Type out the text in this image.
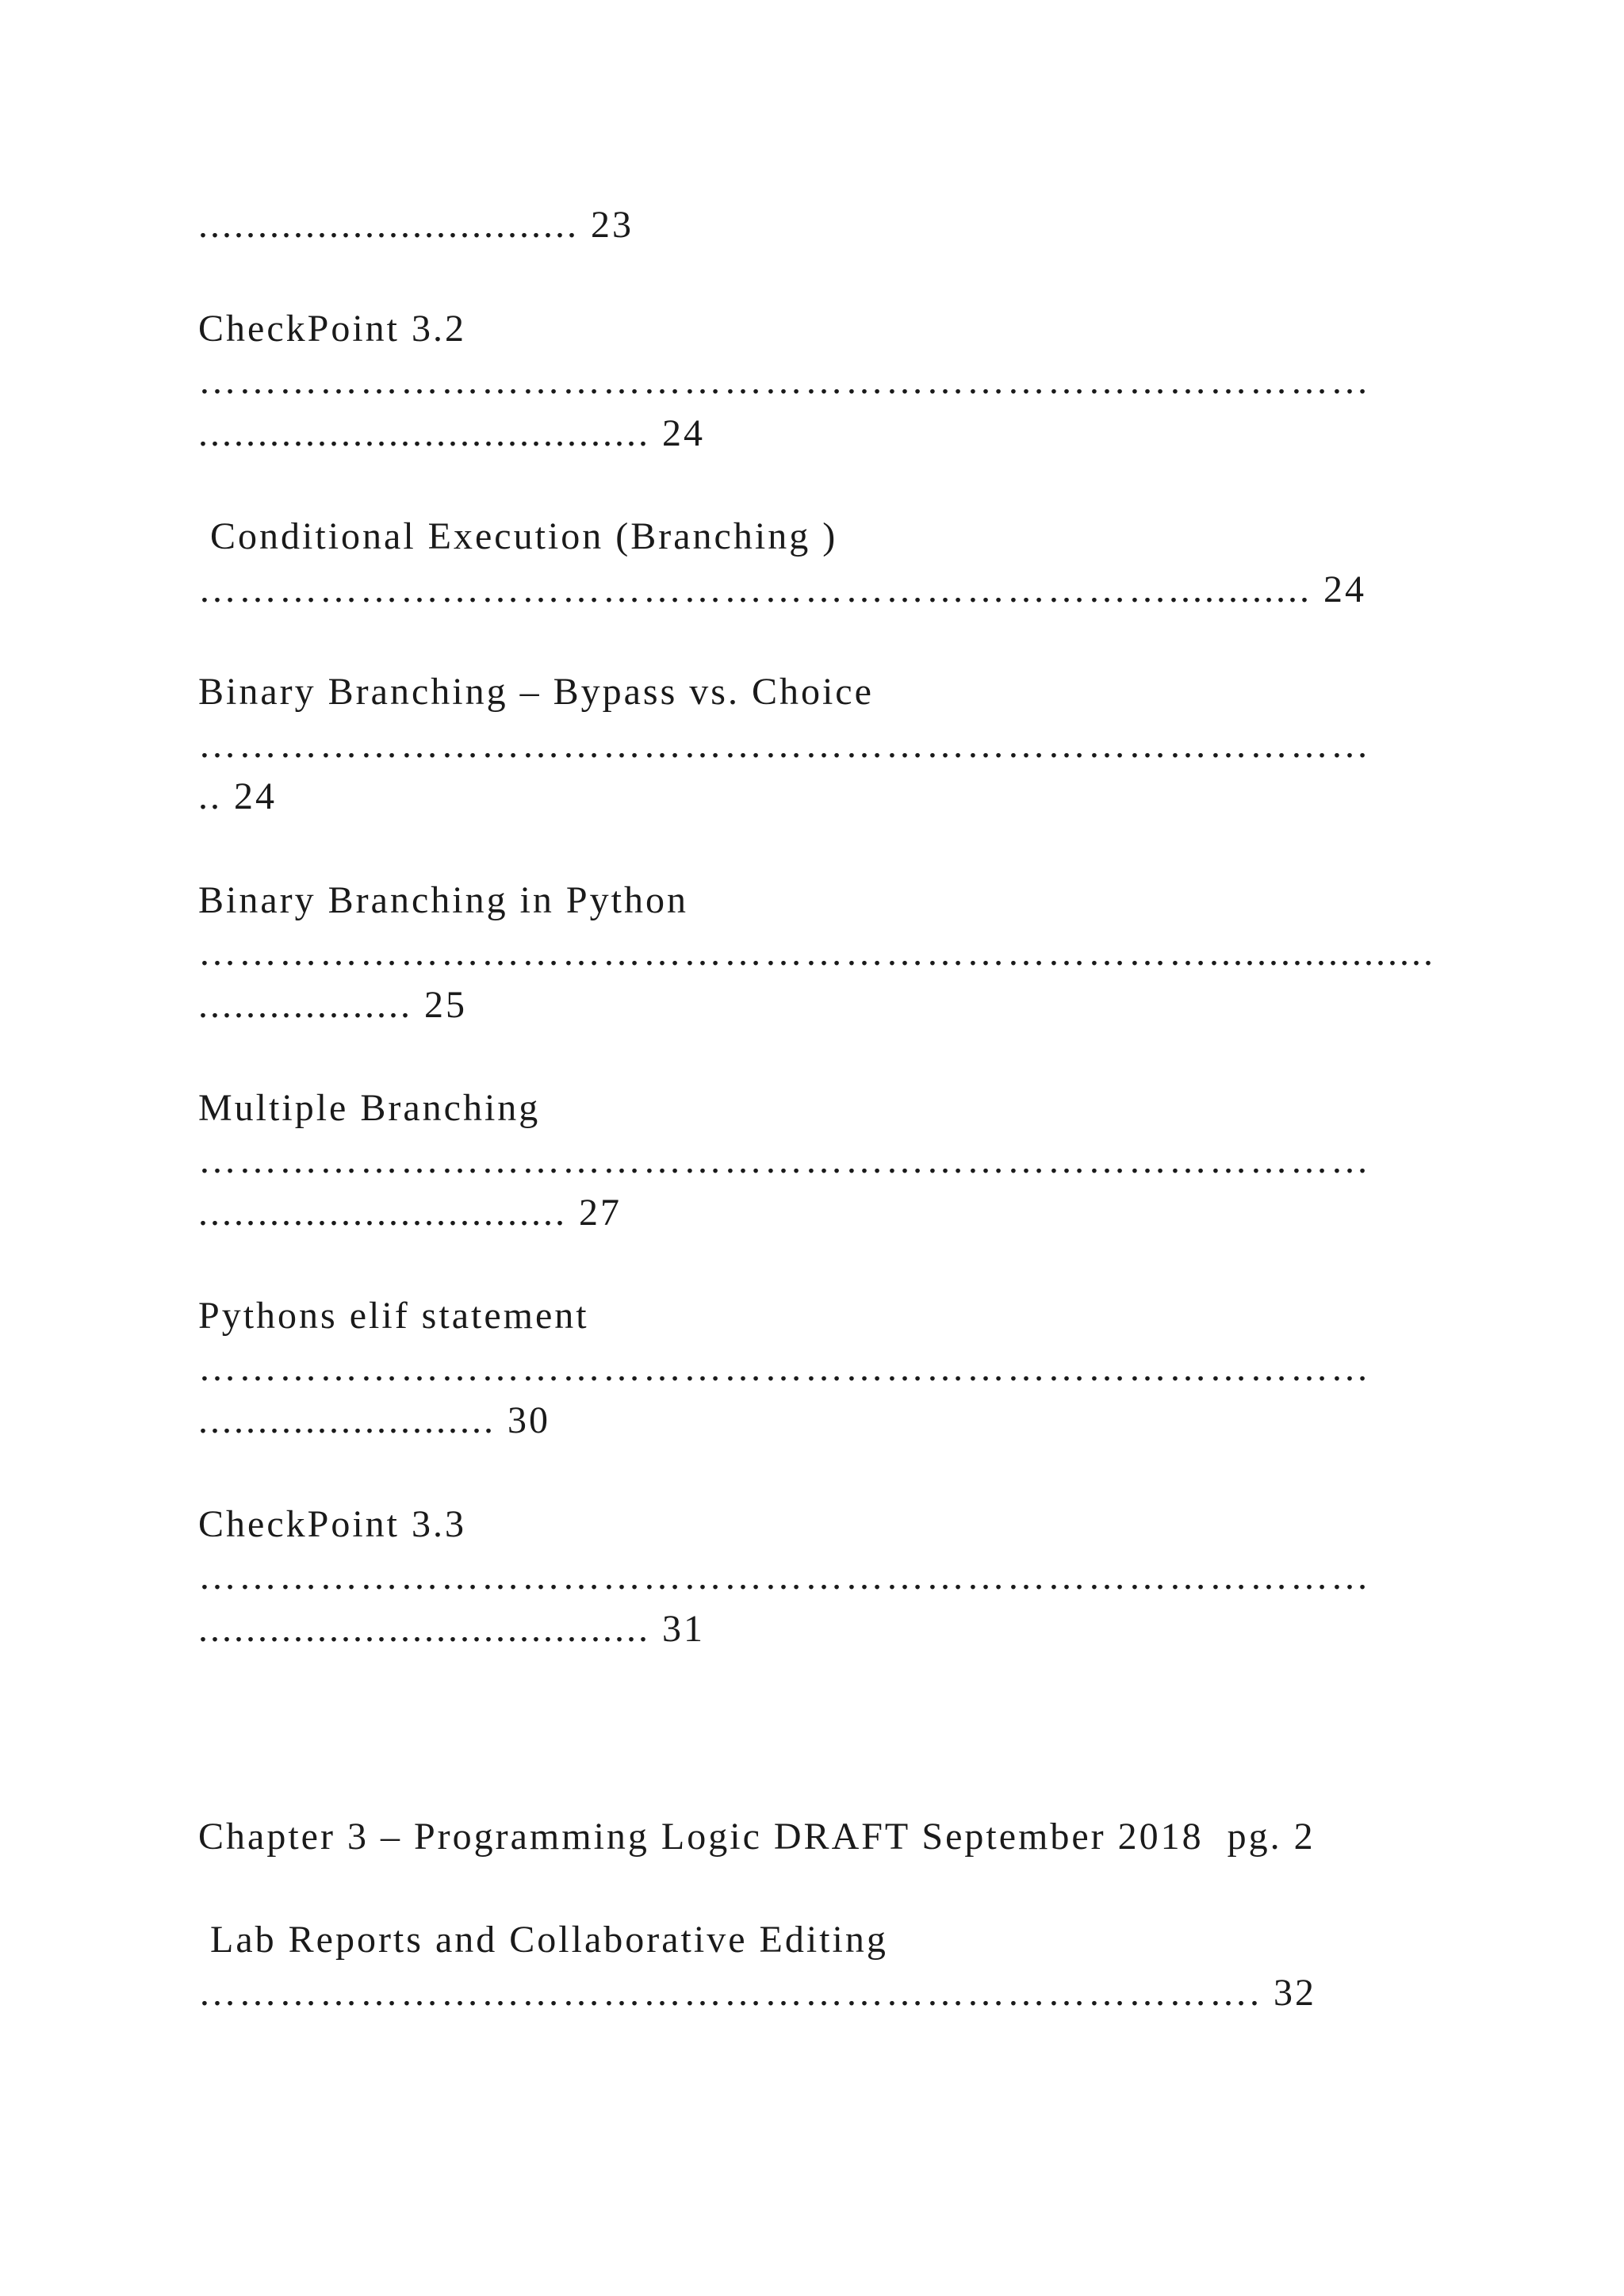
................................ 23
CheckPoint 3.2
……………………………………………………………………………
...................................... 24
Conditional Execution (Branching )
………………………………………………………………............ 24
Binary Branching – Bypass vs. Choice
……………………………………………………………………………
.. 24
Binary Branching in Python
…………………………………………………………………...................
.................. 25
Multiple Branching
……………………………………………………………………………
............................... 27
Pythons elif statement
……………………………………………………………………………
......................... 30
CheckPoint 3.3
……………………………………………………………………………
...................................... 31
Chapter 3 – Programming Logic DRAFT September 2018  pg. 2
Lab Reports and Collaborative Editing
……………………………………………………………………. 32
